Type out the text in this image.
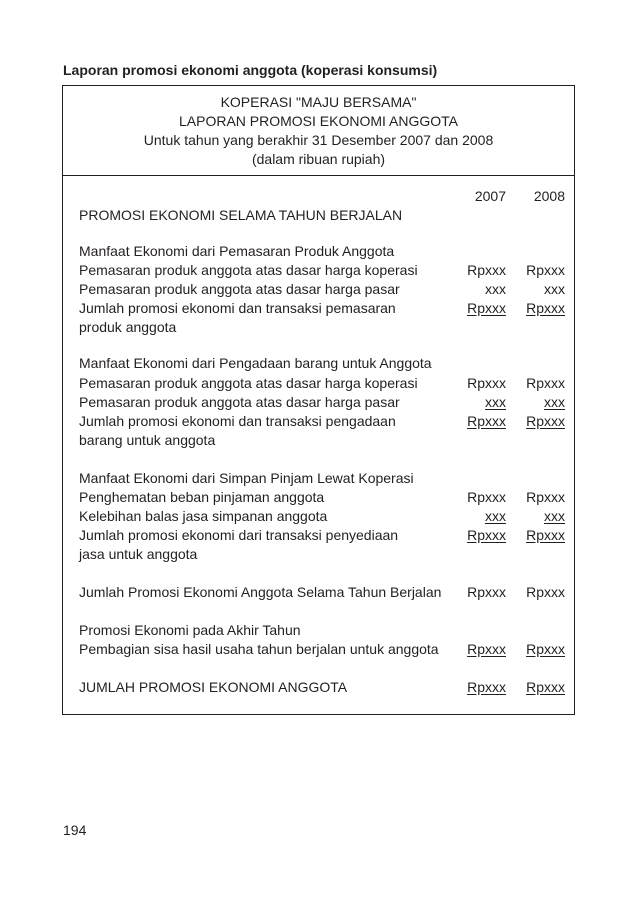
Laporan promosi ekonomi anggota (koperasi konsumsi)
KOPERASI "MAJU BERSAMA"
LAPORAN PROMOSI EKONOMI ANGGOTA
Untuk tahun yang berakhir 31 Desember 2007 dan 2008
(dalam ribuan rupiah)
2007 2008
PROMOSI EKONOMI SELAMA TAHUN BERJALAN
Manfaat Ekonomi dari Pemasaran Produk Anggota
Pemasaran produk anggota atas dasar harga koperasi	Rpxxx Rpxxx
Pemasaran produk anggota atas dasar harga pasar	xxx	xxx
Jumlah promosi ekonomi dan transaksi pemasaran	Rpxxx Rpxxx
produk anggota
Manfaat Ekonomi dari Pengadaan barang untuk Anggota
Pemasaran produk anggota atas dasar harga koperasi	Rpxxx Rpxxx
Pemasaran produk anggota atas dasar harga pasar	xxx	xxx
Jumlah promosi ekonomi dan transaksi pengadaan	Rpxxx Rpxxx
barang untuk anggota
Manfaat Ekonomi dari Simpan Pinjam Lewat Koperasi
Penghematan beban pinjaman anggota	Rpxxx Rpxxx
Kelebihan balas jasa simpanan anggota	xxx	xxx
Jumlah promosi ekonomi dari transaksi penyediaan	Rpxxx Rpxxx
jasa untuk anggota
Jumlah Promosi Ekonomi Anggota Selama Tahun Berjalan Rpxxx Rpxxx
Promosi Ekonomi pada Akhir Tahun
Pembagian sisa hasil usaha tahun berjalan untuk anggota Rpxxx Rpxxx
JUMLAH PROMOSI EKONOMI ANGGOTA	Rpxxx Rpxxx
194
